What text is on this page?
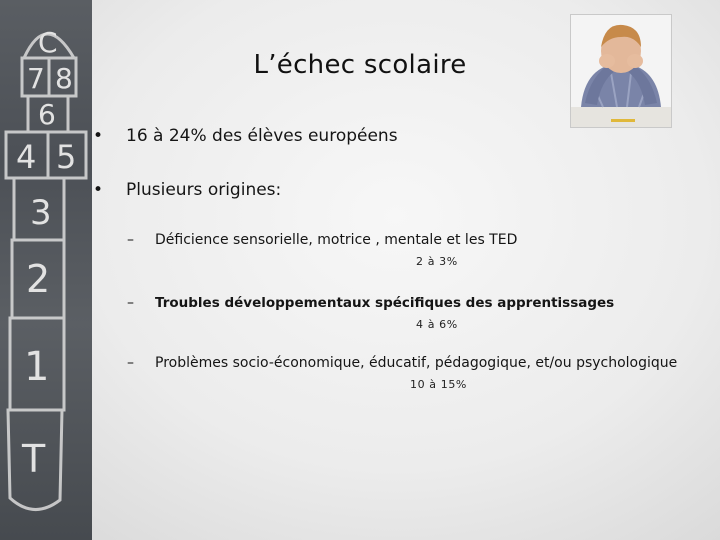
C
7 8
6
4 5
3
2
1
T
L’échec scolaire
• 16 à 24% des élèves européens
• Plusieurs origines:
– Déficience sensorielle, motrice , mentale et les TED
2 à 3%
– Troubles développementaux spécifiques des apprentissages
4 à 6%
– Problèmes socio-économique, éducatif, pédagogique, et/ou psychologique
10 à 15%
